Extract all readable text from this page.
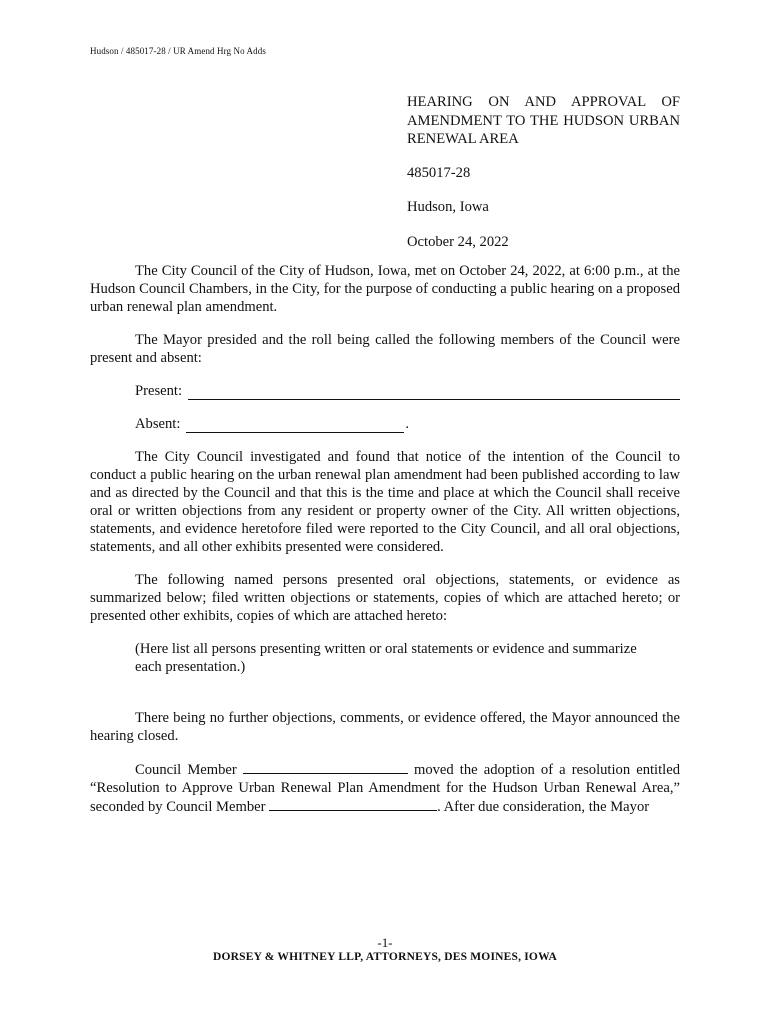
Hudson / 485017-28 / UR Amend Hrg No Adds

HEARING ON AND APPROVAL OF AMENDMENT TO THE HUDSON URBAN RENEWAL AREA

485017-28

Hudson, Iowa

October 24, 2022

The City Council of the City of Hudson, Iowa, met on October 24, 2022, at 6:00 p.m., at the Hudson Council Chambers, in the City, for the purpose of conducting a public hearing on a proposed urban renewal plan amendment.

The Mayor presided and the roll being called the following members of the Council were present and absent:

Present:
Absent:	.

The City Council investigated and found that notice of the intention of the Council to conduct a public hearing on the urban renewal plan amendment had been published according to law and as directed by the Council and that this is the time and place at which the Council shall receive oral or written objections from any resident or property owner of the City. All written objections, statements, and evidence heretofore filed were reported to the City Council, and all oral objections, statements, and all other exhibits presented were considered.

The following named persons presented oral objections, statements, or evidence as summarized below; filed written objections or statements, copies of which are attached hereto; or presented other exhibits, copies of which are attached hereto:

(Here list all persons presenting written or oral statements or evidence and summarize each presentation.)

There being no further objections, comments, or evidence offered, the Mayor announced the hearing closed.

Council Member	moved the adoption of a resolution entitled “Resolution to Approve Urban Renewal Plan Amendment for the Hudson Urban Renewal Area,” seconded by Council Member	. After due consideration, the Mayor

-1-

DORSEY & WHITNEY LLP, ATTORNEYS, DES MOINES, IOWA
